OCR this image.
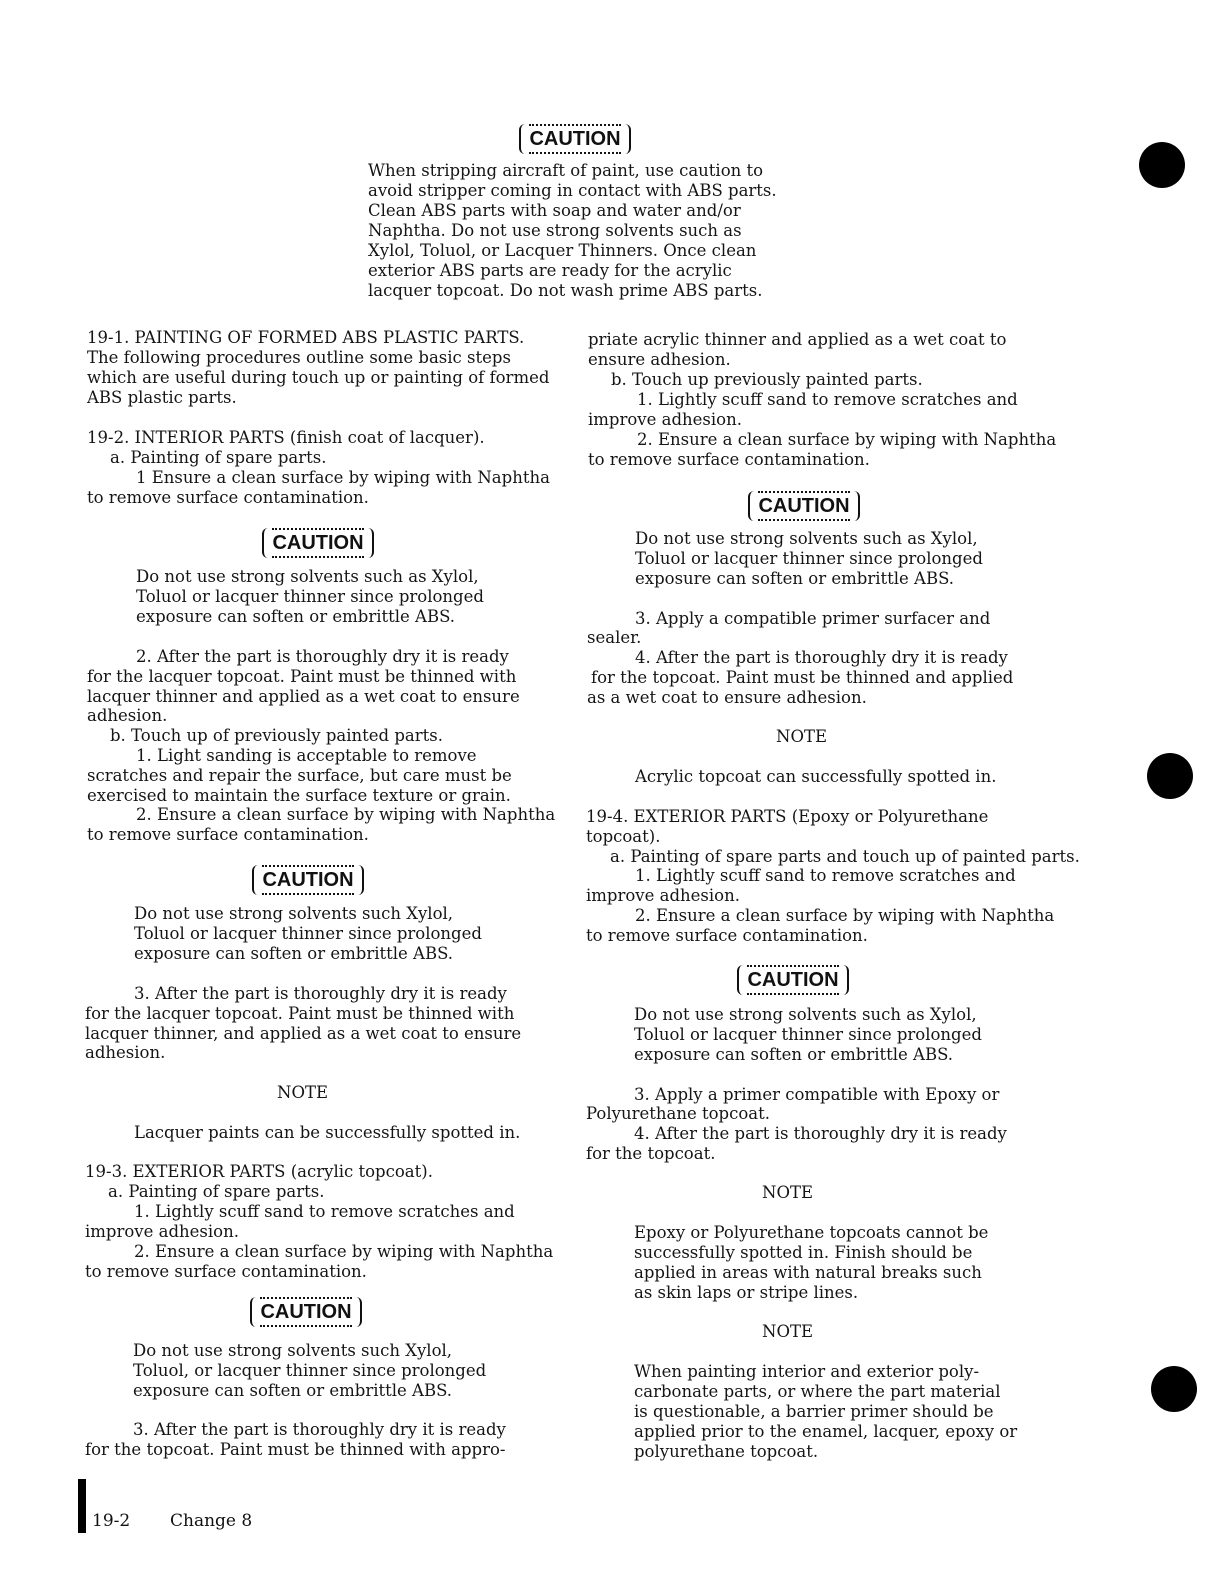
CAUTION

When stripping aircraft of paint, use caution to

avoid stripper coming in contact with ABS parts.

Clean ABS parts with soap and water and/or

Naphtha. Do not use strong solvents such as

Xylol, Toluol, or Lacquer Thinners. Once clean

exterior ABS parts are ready for the acrylic

lacquer topcoat. Do not wash prime ABS parts.

19-1. PAINTING OF FORMED ABS PLASTIC PARTS.

The following procedures outline some basic steps

which are useful during touch up or painting of formed

ABS plastic parts.

19-2. INTERIOR PARTS (finish coat of lacquer).

a. Painting of spare parts.

1 Ensure a clean surface by wiping with Naphtha

to remove surface contamination.

CAUTION

Do not use strong solvents such as Xylol,

Toluol or lacquer thinner since prolonged

exposure can soften or embrittle ABS.

2. After the part is thoroughly dry it is ready

for the lacquer topcoat. Paint must be thinned with

lacquer thinner and applied as a wet coat to ensure

adhesion.

b. Touch up of previously painted parts.

1. Light sanding is acceptable to remove

scratches and repair the surface, but care must be

exercised to maintain the surface texture or grain.

2. Ensure a clean surface by wiping with Naphtha

to remove surface contamination.

CAUTION

Do not use strong solvents such Xylol,

Toluol or lacquer thinner since prolonged

exposure can soften or embrittle ABS.

3. After the part is thoroughly dry it is ready

for the lacquer topcoat. Paint must be thinned with

lacquer thinner, and applied as a wet coat to ensure

adhesion.

NOTE

Lacquer paints can be successfully spotted in.

19-3. EXTERIOR PARTS (acrylic topcoat).

a. Painting of spare parts.

1. Lightly scuff sand to remove scratches and

improve adhesion.

2. Ensure a clean surface by wiping with Naphtha

to remove surface contamination.

CAUTION

Do not use strong solvents such Xylol,

Toluol, or lacquer thinner since prolonged

exposure can soften or embrittle ABS.

3. After the part is thoroughly dry it is ready

for the topcoat. Paint must be thinned with appro-

priate acrylic thinner and applied as a wet coat to

ensure adhesion.

b. Touch up previously painted parts.

1. Lightly scuff sand to remove scratches and

improve adhesion.

2. Ensure a clean surface by wiping with Naphtha

to remove surface contamination.

CAUTION

Do not use strong solvents such as Xylol,

Toluol or lacquer thinner since prolonged

exposure can soften or embrittle ABS.

3. Apply a compatible primer surfacer and

sealer.

4. After the part is thoroughly dry it is ready

for the topcoat. Paint must be thinned and applied

as a wet coat to ensure adhesion.

NOTE

Acrylic topcoat can successfully spotted in.

19-4. EXTERIOR PARTS (Epoxy or Polyurethane

topcoat).

a. Painting of spare parts and touch up of painted parts.

1. Lightly scuff sand to remove scratches and

improve adhesion.

2. Ensure a clean surface by wiping with Naphtha

to remove surface contamination.

CAUTION

Do not use strong solvents such as Xylol,

Toluol or lacquer thinner since prolonged

exposure can soften or embrittle ABS.

3. Apply a primer compatible with Epoxy or

Polyurethane topcoat.

4. After the part is thoroughly dry it is ready

for the topcoat.

NOTE

Epoxy or Polyurethane topcoats cannot be

successfully spotted in. Finish should be

applied in areas with natural breaks such

as skin laps or stripe lines.

NOTE

When painting interior and exterior poly-

carbonate parts, or where the part material

is questionable, a barrier primer should be

applied prior to the enamel, lacquer, epoxy or

polyurethane topcoat.

19-2 Change 8
